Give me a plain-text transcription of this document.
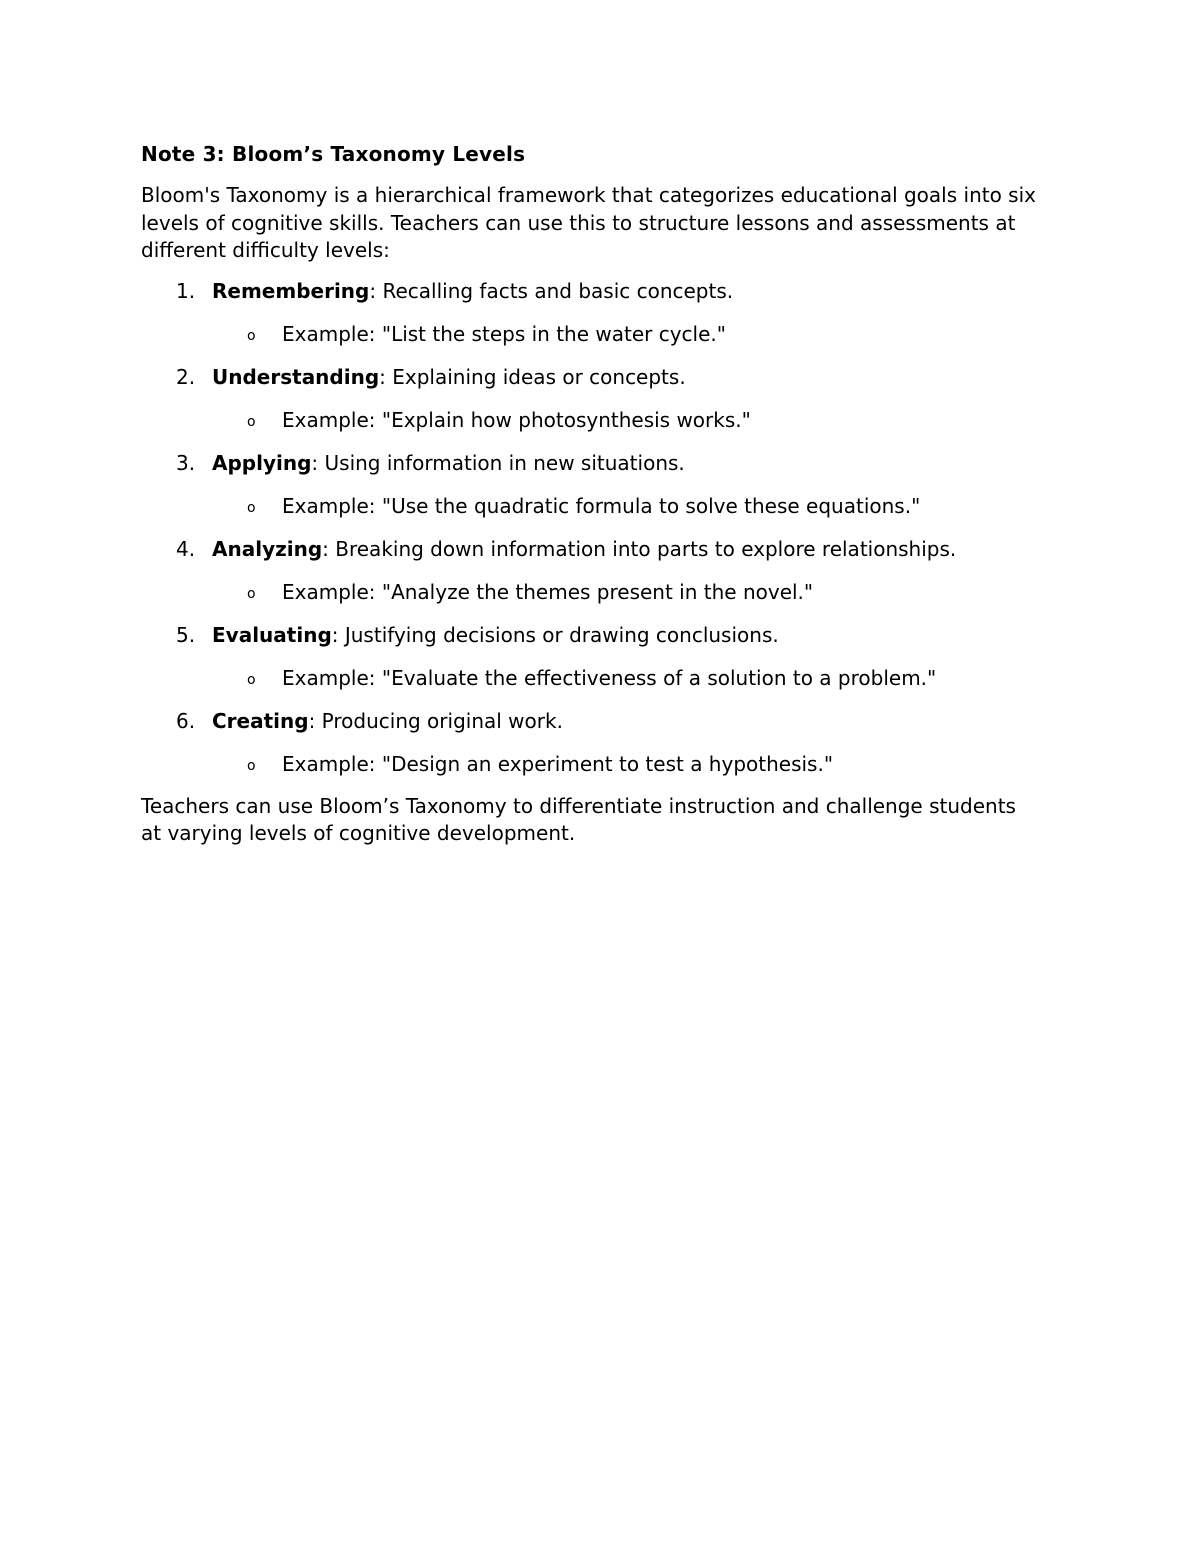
Note 3: Bloom’s Taxonomy Levels

Bloom's Taxonomy is a hierarchical framework that categorizes educational goals into six levels of cognitive skills. Teachers can use this to structure lessons and assessments at different difficulty levels:

1. Remembering: Recalling facts and basic concepts.
o Example: "List the steps in the water cycle."
2. Understanding: Explaining ideas or concepts.
o Example: "Explain how photosynthesis works."
3. Applying: Using information in new situations.
o Example: "Use the quadratic formula to solve these equations."
4. Analyzing: Breaking down information into parts to explore relationships.
o Example: "Analyze the themes present in the novel."
5. Evaluating: Justifying decisions or drawing conclusions.
o Example: "Evaluate the effectiveness of a solution to a problem."
6. Creating: Producing original work.
o Example: "Design an experiment to test a hypothesis."

Teachers can use Bloom’s Taxonomy to differentiate instruction and challenge students at varying levels of cognitive development.
